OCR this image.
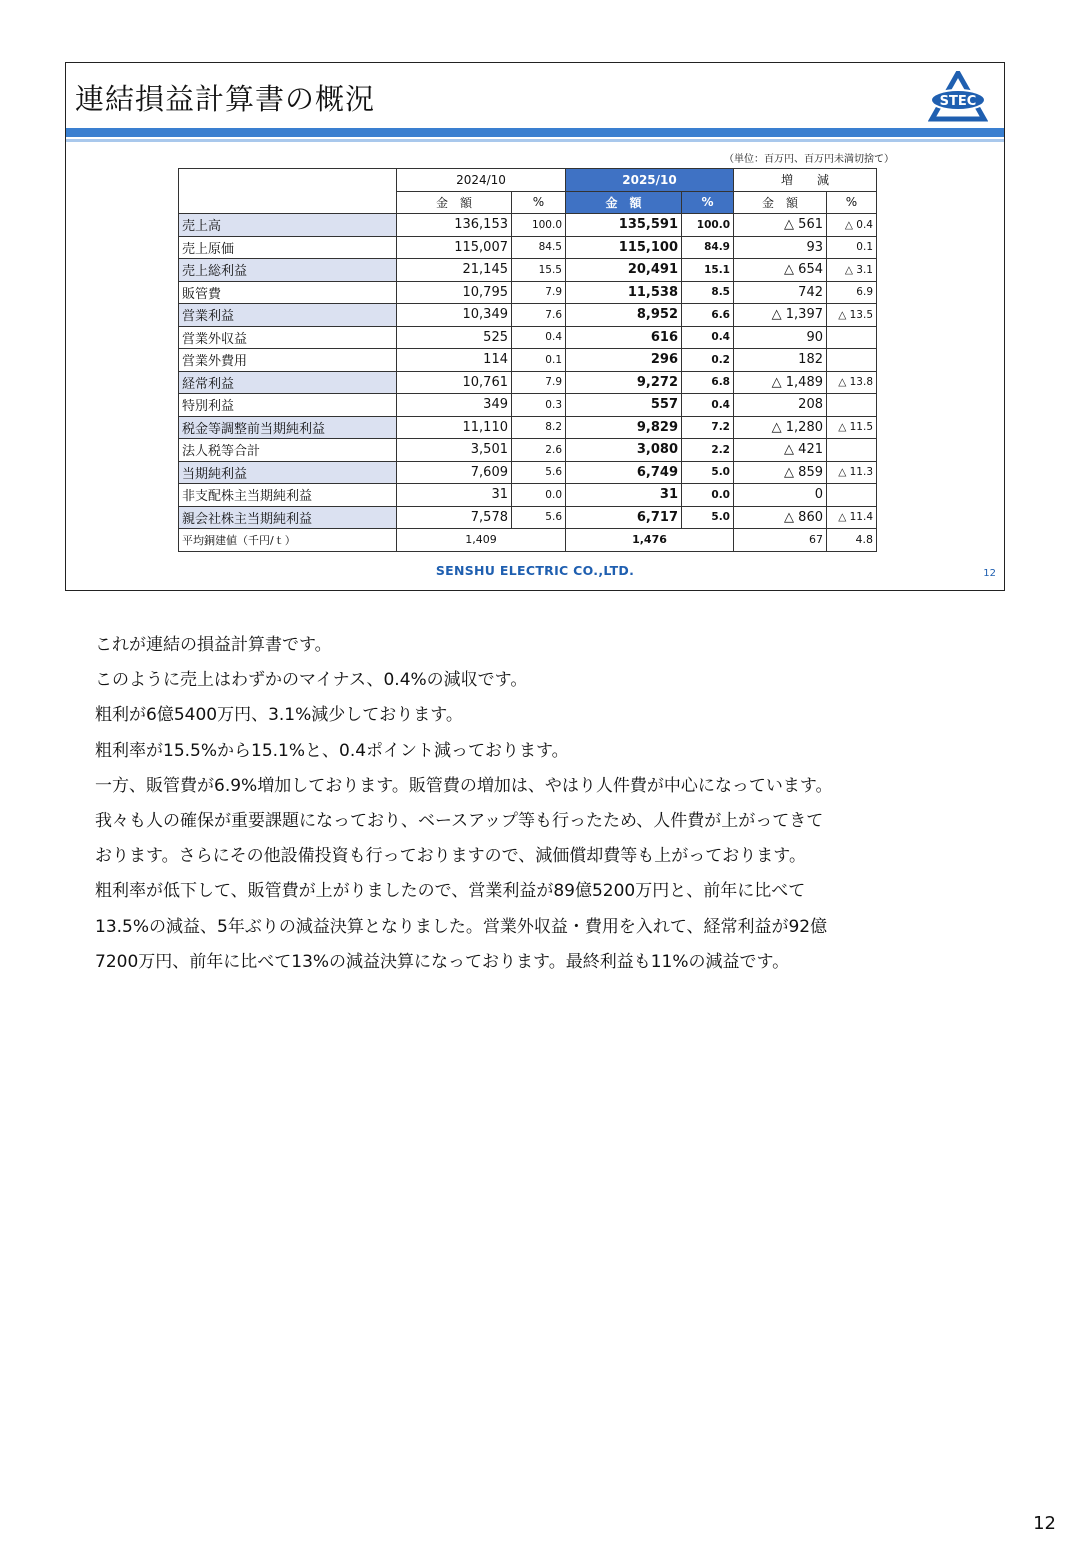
連結損益計算書の概況	STEC
（単位：百万円、百万円未満切捨て）
	2024/10		2025/10		増　　減	
	金　額	%	金　額	%	金　額	%
売上高	136,153	100.0	135,591	100.0	△ 561	△ 0.4
売上原価	115,007	84.5	115,100	84.9	93	0.1
売上総利益	21,145	15.5	20,491	15.1	△ 654	△ 3.1
販管費	10,795	7.9	11,538	8.5	742	6.9
営業利益	10,349	7.6	8,952	6.6	△ 1,397	△ 13.5
営業外収益	525	0.4	616	0.4	90	
営業外費用	114	0.1	296	0.2	182	
経常利益	10,761	7.9	9,272	6.8	△ 1,489	△ 13.8
特別利益	349	0.3	557	0.4	208	
税金等調整前当期純利益	11,110	8.2	9,829	7.2	△ 1,280	△ 11.5
法人税等合計	3,501	2.6	3,080	2.2	△ 421	
当期純利益	7,609	5.6	6,749	5.0	△ 859	△ 11.3
非支配株主当期純利益	31	0.0	31	0.0	0	
親会社株主当期純利益	7,578	5.6	6,717	5.0	△ 860	△ 11.4
平均銅建値（千円/ｔ）	1,409		1,476		67	4.8
SENSHU ELECTRIC CO.,LTD.	12

これが連結の損益計算書です。

このように売上はわずかのマイナス、0.4%の減収です。

粗利が6億5400万円、3.1%減少しております。

粗利率が15.5%から15.1%と、0.4ポイント減っております。

一方、販管費が6.9%増加しております。販管費の増加は、やはり人件費が中心になっています。

我々も人の確保が重要課題になっており、ベースアップ等も行ったため、人件費が上がってきて

おります。さらにその他設備投資も行っておりますので、減価償却費等も上がっております。

粗利率が低下して、販管費が上がりましたので、営業利益が89億5200万円と、前年に比べて

13.5%の減益、5年ぶりの減益決算となりました。営業外収益・費用を入れて、経常利益が92億

7200万円、前年に比べて13%の減益決算になっております。最終利益も11%の減益です。

12
